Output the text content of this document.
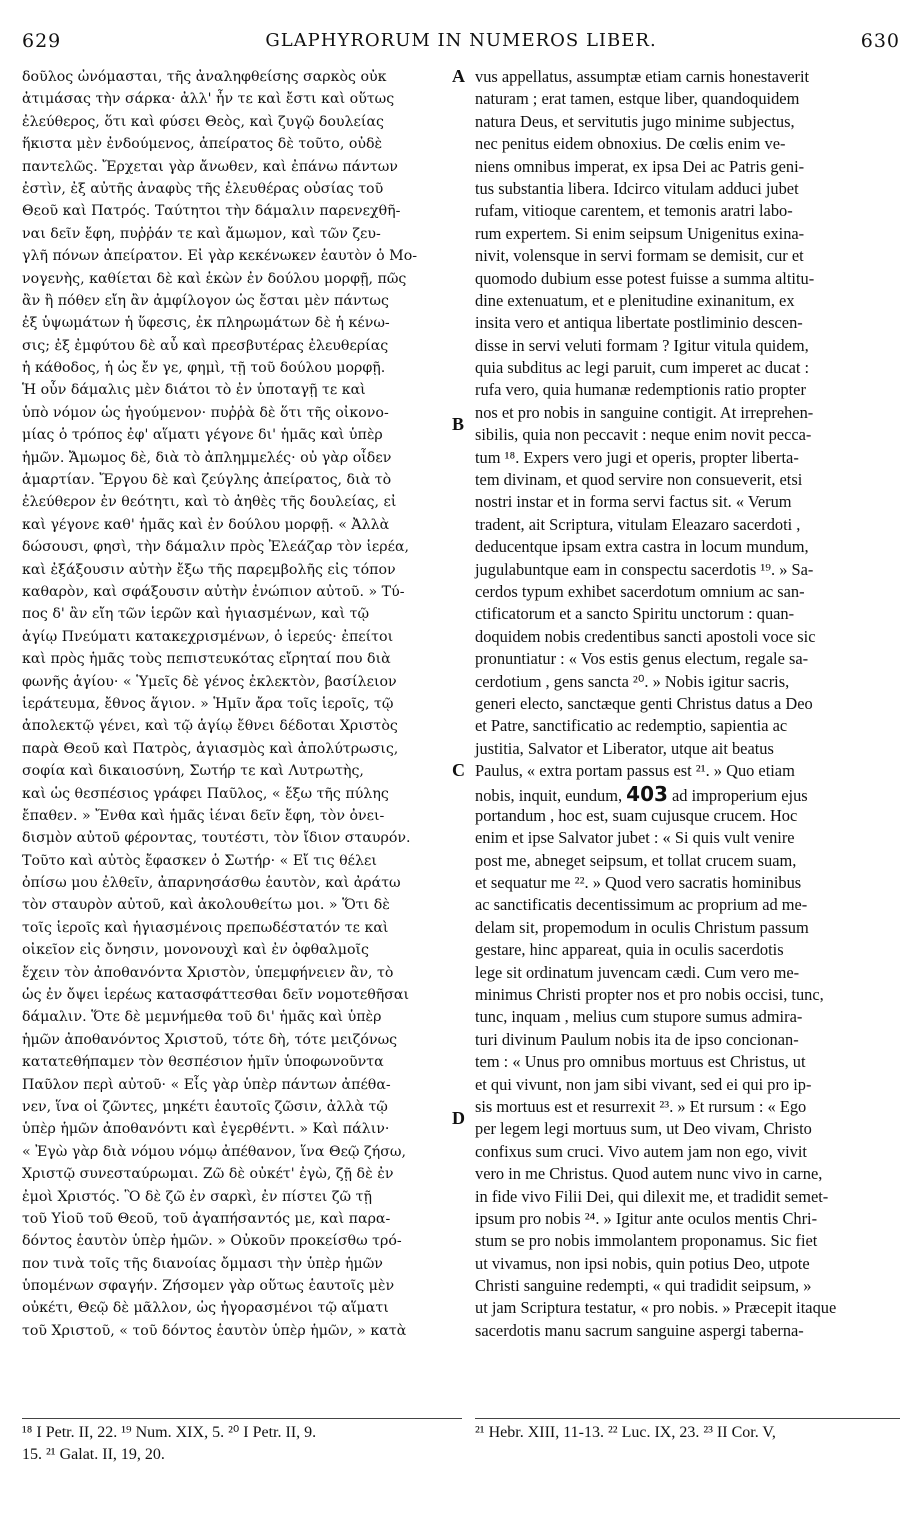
629	GLAPHYRORUM IN NUMEROS LIBER.	630
δοῦλος ὠνόμασται, τῆς ἀναληφθείσης σαρκὸς οὐκ
ἀτιμάσας τὴν σάρκα· ἀλλ' ἦν τε καὶ ἔστι καὶ οὕτως
ἐλεύθερος, ὅτι καὶ φύσει Θεὸς, καὶ ζυγῷ δουλείας
ἥκιστα μὲν ἐνδούμενος, ἀπείρατος δὲ τοῦτο, οὐδὲ
παντελῶς. Ἔρχεται γὰρ ἄνωθεν, καὶ ἐπάνω πάντων
ἐστὶν, ἐξ αὐτῆς ἀναφὺς τῆς ἐλευθέρας οὐσίας τοῦ
Θεοῦ καὶ Πατρός. Ταύτητοι τὴν δάμαλιν παρενεχθῆ-
ναι δεῖν ἔφη, πυῤῥάν τε καὶ ἄμωμον, καὶ τῶν ζευ-
γλῆ πόνων ἀπείρατον. Εἰ γὰρ κεκένωκεν ἑαυτὸν ὁ Μο-
νογενὴς, καθίεται δὲ καὶ ἑκὼν ἐν δούλου μορφῇ, πῶς
ἂν ἢ πόθεν εἴη ἂν ἀμφίλογον ὡς ἔσται μὲν πάντως
ἐξ ὑψωμάτων ἡ ὕφεσις, ἐκ πληρωμάτων δὲ ἡ κένω-
σις; ἐξ ἐμφύτου δὲ αὖ καὶ πρεσβυτέρας ἐλευθερίας
ἡ κάθοδος, ἡ ὡς ἔν γε, φημὶ, τῇ τοῦ δούλου μορφῇ.
Ἡ οὖν δάμαλις μὲν διάτοι τὸ ἐν ὑποταγῇ τε καὶ
ὑπὸ νόμον ὡς ἡγούμενον· πυῤῥὰ δὲ ὅτι τῆς οἰκονο-
μίας ὁ τρόπος ἐφ' αἵματι γέγονε δι' ἡμᾶς καὶ ὑπὲρ
ἡμῶν. Ἄμωμος δὲ, διὰ τὸ ἀπλημμελές· οὐ γὰρ οἶδεν
ἁμαρτίαν. Ἔργου δὲ καὶ ζεύγλης ἀπείρατος, διὰ τὸ
ἐλεύθερον ἐν θεότητι, καὶ τὸ ἀηθὲς τῆς δουλείας, εἰ
καὶ γέγονε καθ' ἡμᾶς καὶ ἐν δούλου μορφῇ. « Ἀλλὰ
δώσουσι, φησὶ, τὴν δάμαλιν πρὸς Ἐλεάζαρ τὸν ἱερέα,
καὶ ἐξάξουσιν αὐτὴν ἔξω τῆς παρεμβολῆς εἰς τόπον
καθαρὸν, καὶ σφάξουσιν αὐτὴν ἐνώπιον αὐτοῦ. » Τύ-
πος δ' ἂν εἴη τῶν ἱερῶν καὶ ἡγιασμένων, καὶ τῷ
ἁγίῳ Πνεύματι κατακεχρισμένων, ὁ ἱερεύς· ἐπείτοι
καὶ πρὸς ἡμᾶς τοὺς πεπιστευκότας εἴρηταί που διὰ
φωνῆς ἁγίου· « Ὑμεῖς δὲ γένος ἐκλεκτὸν, βασίλειον
ἱεράτευμα, ἔθνος ἅγιον. » Ἡμῖν ἄρα τοῖς ἱεροῖς, τῷ
ἀπολεκτῷ γένει, καὶ τῷ ἁγίῳ ἔθνει δέδοται Χριστὸς
παρὰ Θεοῦ καὶ Πατρὸς, ἁγιασμὸς καὶ ἀπολύτρωσις,
σοφία καὶ δικαιοσύνη, Σωτήρ τε καὶ Λυτρωτὴς,
καὶ ὡς θεσπέσιος γράφει Παῦλος, « ἔξω τῆς πύλης
ἔπαθεν. » Ἔνθα καὶ ἡμᾶς ἰέναι δεῖν ἔφη, τὸν ὀνει-
δισμὸν αὐτοῦ φέροντας, τουτέστι, τὸν ἴδιον σταυρόν.
Τοῦτο καὶ αὐτὸς ἔφασκεν ὁ Σωτήρ· « Εἴ τις θέλει
ὀπίσω μου ἐλθεῖν, ἀπαρνησάσθω ἑαυτὸν, καὶ ἀράτω
τὸν σταυρὸν αὐτοῦ, καὶ ἀκολουθείτω μοι. » Ὅτι δὲ
τοῖς ἱεροῖς καὶ ἡγιασμένοις πρεπωδέστατόν τε καὶ
οἰκεῖον εἰς ὄνησιν, μονονουχὶ καὶ ἐν ὀφθαλμοῖς
ἔχειν τὸν ἀποθανόντα Χριστὸν, ὑπεμφήνειεν ἂν, τὸ
ὡς ἐν ὄψει ἱερέως κατασφάττεσθαι δεῖν νομοτεθῆσαι
δάμαλιν. Ὅτε δὲ μεμνήμεθα τοῦ δι' ἡμᾶς καὶ ὑπὲρ
ἡμῶν ἀποθανόντος Χριστοῦ, τότε δὴ, τότε μειζόνως
κατατεθήπαμεν τὸν θεσπέσιον ἡμῖν ὑποφωνοῦντα
Παῦλον περὶ αὐτοῦ· « Εἷς γὰρ ὑπὲρ πάντων ἀπέθα-
νεν, ἵνα οἱ ζῶντες, μηκέτι ἑαυτοῖς ζῶσιν, ἀλλὰ τῷ
ὑπὲρ ἡμῶν ἀποθανόντι καὶ ἐγερθέντι. » Καὶ πάλιν·
« Ἐγὼ γὰρ διὰ νόμου νόμῳ ἀπέθανον, ἵνα Θεῷ ζήσω,
Χριστῷ συνεσταύρωμαι. Ζῶ δὲ οὐκέτ' ἐγὼ, ζῇ δὲ ἐν
ἐμοὶ Χριστός. Ὃ δὲ ζῶ ἐν σαρκὶ, ἐν πίστει ζῶ τῇ
τοῦ Υἱοῦ τοῦ Θεοῦ, τοῦ ἀγαπήσαντός με, καὶ παρα-
δόντος ἑαυτὸν ὑπὲρ ἡμῶν. » Οὐκοῦν προκείσθω τρό-
πον τινὰ τοῖς τῆς διανοίας ὄμμασι τὴν ὑπὲρ ἡμῶν
ὑπομένων σφαγήν. Ζήσομεν γὰρ οὕτως ἑαυτοῖς μὲν
οὐκέτι, Θεῷ δὲ μᾶλλον, ὡς ἠγορασμένοι τῷ αἵματι
τοῦ Χριστοῦ, « τοῦ δόντος ἑαυτὸν ὑπὲρ ἡμῶν, » κατὰ
vus appellatus, assumptæ etiam carnis honestaverit
naturam ; erat tamen, estque liber, quandoquidem
natura Deus, et servitutis jugo minime subjectus,
nec penitus eidem obnoxius. De cœlis enim ve-
niens omnibus imperat, ex ipsa Dei ac Patris geni-
tus substantia libera. Idcirco vitulam adduci jubet
rufam, vitioque carentem, et temonis aratri labo-
rum expertem. Si enim seipsum Unigenitus exina-
nivit, volensque in servi formam se demisit, cur et
quomodo dubium esse potest fuisse a summa altitu-
dine extenuatum, et e plenitudine exinanitum, ex
insita vero et antiqua libertate postliminio descen-
disse in servi veluti formam ? Igitur vitula quidem,
quia subditus ac legi paruit, cum imperet ac ducat :
rufa vero, quia humanæ redemptionis ratio propter
nos et pro nobis in sanguine contigit. At irreprehen-
sibilis, quia non peccavit : neque enim novit pecca-
tum ¹⁸. Expers vero jugi et operis, propter liberta-
tem divinam, et quod servire non consueverit, etsi
nostri instar et in forma servi factus sit. « Verum
tradent, ait Scriptura, vitulam Eleazaro sacerdoti ,
deducentque ipsam extra castra in locum mundum,
jugulabuntque eam in conspectu sacerdotis ¹⁹. » Sa-
cerdos typum exhibet sacerdotum omnium ac san-
ctificatorum et a sancto Spiritu unctorum : quan-
doquidem nobis credentibus sancti apostoli voce sic
pronuntiatur : « Vos estis genus electum, regale sa-
cerdotium , gens sancta ²⁰. » Nobis igitur sacris,
generi electo, sanctæque genti Christus datus a Deo
et Patre, sanctificatio ac redemptio, sapientia ac
justitia, Salvator et Liberator, utque ait beatus
Paulus, « extra portam passus est ²¹. » Quo etiam
nobis, inquit, eundum, 403 ad improperium ejus
portandum , hoc est, suam cujusque crucem. Hoc
enim et ipse Salvator jubet : « Si quis vult venire
post me, abneget seipsum, et tollat crucem suam,
et sequatur me ²². » Quod vero sacratis hominibus
ac sanctificatis decentissimum ac proprium ad me-
delam sit, propemodum in oculis Christum passum
gestare, hinc appareat, quia in oculis sacerdotis
lege sit ordinatum juvencam cædi. Cum vero me-
minimus Christi propter nos et pro nobis occisi, tunc,
tunc, inquam , melius cum stupore sumus admira-
turi divinum Paulum nobis ita de ipso concionan-
tem : « Unus pro omnibus mortuus est Christus, ut
et qui vivunt, non jam sibi vivant, sed ei qui pro ip-
sis mortuus est et resurrexit ²³. » Et rursum : « Ego
per legem legi mortuus sum, ut Deo vivam, Christo
confixus sum cruci. Vivo autem jam non ego, vivit
vero in me Christus. Quod autem nunc vivo in carne,
in fide vivo Filii Dei, qui dilexit me, et tradidit semet-
ipsum pro nobis ²⁴. » Igitur ante oculos mentis Chri-
stum se pro nobis immolantem proponamus. Sic fiet
ut vivamus, non ipsi nobis, quin potius Deo, utpote
Christi sanguine redempti, « qui tradidit seipsum, »
ut jam Scriptura testatur, « pro nobis. » Præcepit itaque
sacerdotis manu sacrum sanguine aspergi taberna-
A
B
C
D
¹⁸ I Petr. II, 22. ¹⁹ Num. XIX, 5. ²⁰ I Petr. II, 9.
15. ²¹ Galat. II, 19, 20.
²¹ Hebr. XIII, 11-13. ²² Luc. IX, 23. ²³ II Cor. V,
